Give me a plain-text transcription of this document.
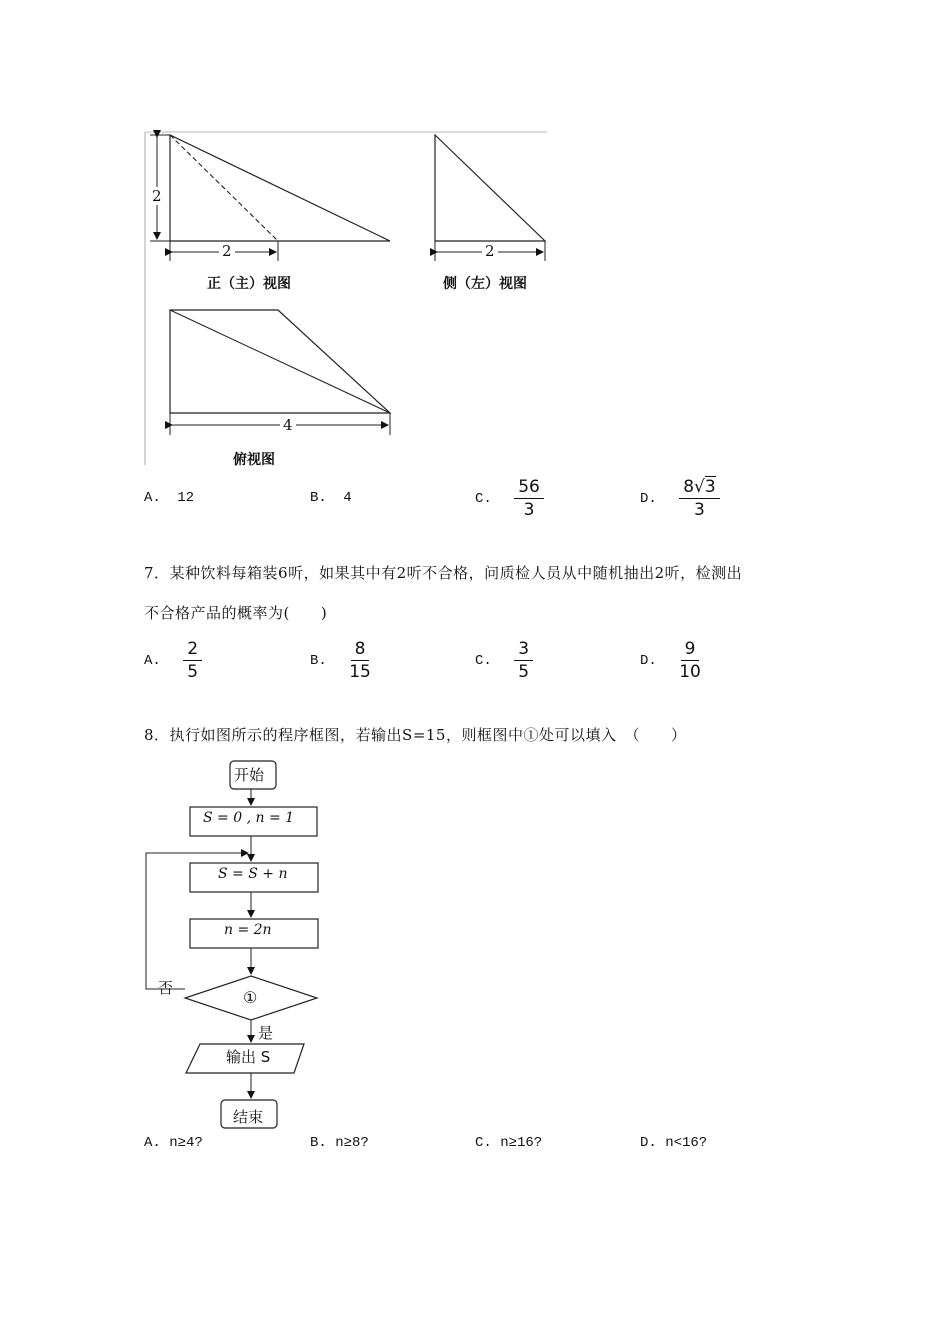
2
2	2
4
正（主）视图	侧（左）视图
俯视图
A. 12	B. 4	C. $\frac{56}{3}$	D. $\frac{8√3}{3}$
7．某种饮料每箱装6听，如果其中有2听不合格，问质检人员从中随机抽出2听，检测出
不合格产品的概率为(　　)
A. $\frac{2}{5}$	B. $\frac{8}{15}$	C. $\frac{3}{5}$	D. $\frac{9}{10}$
8．执行如图所示的程序框图，若输出S=15，则框图中①处可以填入　（　　）
开始
S = 0 , n = 1
S = S + n
n = 2n
①
否
是
输出 S
结束
A. n≥4?	B. n≥8?	C. n≥16?	D. n<16?
